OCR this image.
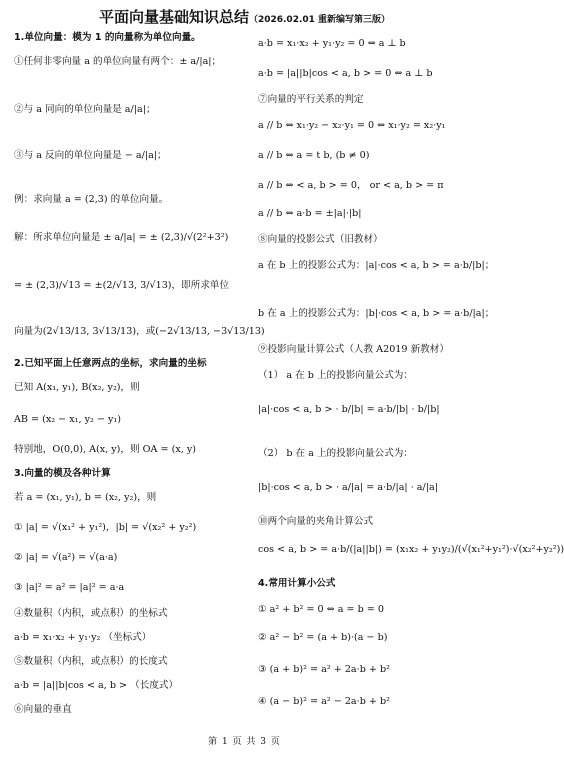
平面向量基础知识总结（2026.02.01 重新编写第三版）
1.单位向量：模为 1 的向量称为单位向量。
①任何非零向量 a 的单位向量有两个：± a/|a|；
②与 a 同向的单位向量是 a/|a|；
③与 a 反向的单位向量是 − a/|a|；
例：求向量 a = (2,3) 的单位向量。
解：所求单位向量是 ± a/|a| = ± (2,3)/√(2²+3²)
= ± (2,3)/√13 = ±(2/√13, 3/√13)，即所求单位
向量为(2√13/13, 3√13/13)，或(−2√13/13, −3√13/13)
2.已知平面上任意两点的坐标，求向量的坐标
已知 A(x₁, y₁), B(x₂, y₂)，则
AB = (x₂ − x₁, y₂ − y₁)
特别地，O(0,0), A(x, y)，则 OA = (x, y)
3.向量的模及各种计算
若 a = (x₁, y₁), b = (x₂, y₂)，则
① |a| = √(x₁² + y₁²)，|b| = √(x₂² + y₂²)
② |a| = √(a²) = √(a·a)
③ |a|² = a² = |a|² = a·a
④数量积（内积，或点积）的坐标式
a·b = x₁·x₂ + y₁·y₂ （坐标式）
⑤数量积（内积，或点积）的长度式
a·b = |a||b|cos < a, b > （长度式）
⑥向量的垂直
a·b = x₁·x₂ + y₁·y₂ = 0 ⇔ a ⊥ b
a·b = |a||b|cos < a, b > = 0 ⇔ a ⊥ b
⑦向量的平行关系的判定
a // b ⇔ x₁·y₂ − x₂·y₁ = 0 ⇔ x₁·y₂ = x₂·y₁
a // b ⇔ a = t b, (b ≠ 0)
a // b ⇔ < a, b > = 0， or < a, b > = π
a // b ⇔ a·b = ±|a|·|b|
⑧向量的投影公式（旧教材）
a 在 b 上的投影公式为：|a|·cos < a, b > = a·b/|b|；
b 在 a 上的投影公式为：|b|·cos < a, b > = a·b/|a|；
⑨投影向量计算公式（人教 A2019 新教材）
（1） a 在 b 上的投影向量公式为：
|a|·cos < a, b > · b/|b| = a·b/|b| · b/|b|
（2） b 在 a 上的投影向量公式为：
|b|·cos < a, b > · a/|a| = a·b/|a| · a/|a|
⑩两个向量的夹角计算公式
cos < a, b > = a·b/(|a||b|) = (x₁x₂ + y₁y₂)/(√(x₁²+y₁²)·√(x₂²+y₂²))
4.常用计算小公式
① a² + b² = 0 ⇔ a = b = 0
② a² − b² = (a + b)·(a − b)
③ (a + b)² = a² + 2a·b + b²
④ (a − b)² = a² − 2a·b + b²
第 1 页 共 3 页
